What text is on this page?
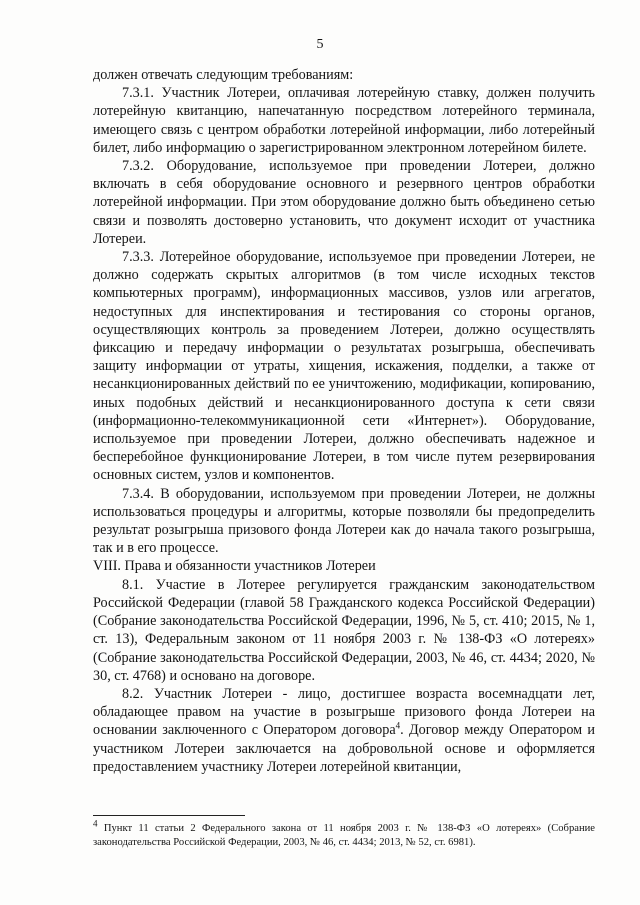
5

должен отвечать следующим требованиям:

7.3.1. Участник Лотереи, оплачивая лотерейную ставку, должен получить лотерейную квитанцию, напечатанную посредством лотерейного терминала, имеющего связь с центром обработки лотерейной информации, либо лотерейный билет, либо информацию о зарегистрированном электронном лотерейном билете.

7.3.2. Оборудование, используемое при проведении Лотереи, должно включать в себя оборудование основного и резервного центров обработки лотерейной информации. При этом оборудование должно быть объединено сетью связи и позволять достоверно установить, что документ исходит от участника Лотереи.

7.3.3. Лотерейное оборудование, используемое при проведении Лотереи, не должно содержать скрытых алгоритмов (в том числе исходных текстов компьютерных программ), информационных массивов, узлов или агрегатов, недоступных для инспектирования и тестирования со стороны органов, осуществляющих контроль за проведением Лотереи, должно осуществлять фиксацию и передачу информации о результатах розыгрыша, обеспечивать защиту информации от утраты, хищения, искажения, подделки, а также от несанкционированных действий по ее уничтожению, модификации, копированию, иных подобных действий и несанкционированного доступа к сети связи (информационно-телекоммуникационной сети «Интернет»). Оборудование, используемое при проведении Лотереи, должно обеспечивать надежное и бесперебойное функционирование Лотереи, в том числе путем резервирования основных систем, узлов и компонентов.

7.3.4. В оборудовании, используемом при проведении Лотереи, не должны использоваться процедуры и алгоритмы, которые позволяли бы предопределить результат розыгрыша призового фонда Лотереи как до начала такого розыгрыша, так и в его процессе.

VIII. Права и обязанности участников Лотереи

8.1. Участие в Лотерее регулируется гражданским законодательством Российской Федерации (главой 58 Гражданского кодекса Российской Федерации) (Собрание законодательства Российской Федерации, 1996, № 5, ст. 410; 2015, № 1, ст. 13), Федеральным законом от 11 ноября 2003 г. № 138-ФЗ «О лотереях» (Собрание законодательства Российской Федерации, 2003, № 46, ст. 4434; 2020, № 30, ст. 4768) и основано на договоре.

8.2. Участник Лотереи - лицо, достигшее возраста восемнадцати лет, обладающее правом на участие в розыгрыше призового фонда Лотереи на основании заключенного с Оператором договора$^4$. Договор между Оператором и участником Лотереи заключается на добровольной основе и оформляется предоставлением участнику Лотереи лотерейной квитанции,

$^4$ Пункт 11 статьи 2 Федерального закона от 11 ноября 2003 г. № 138-ФЗ «О лотереях» (Собрание законодательства Российской Федерации, 2003, № 46, ст. 4434; 2013, № 52, ст. 6981).
